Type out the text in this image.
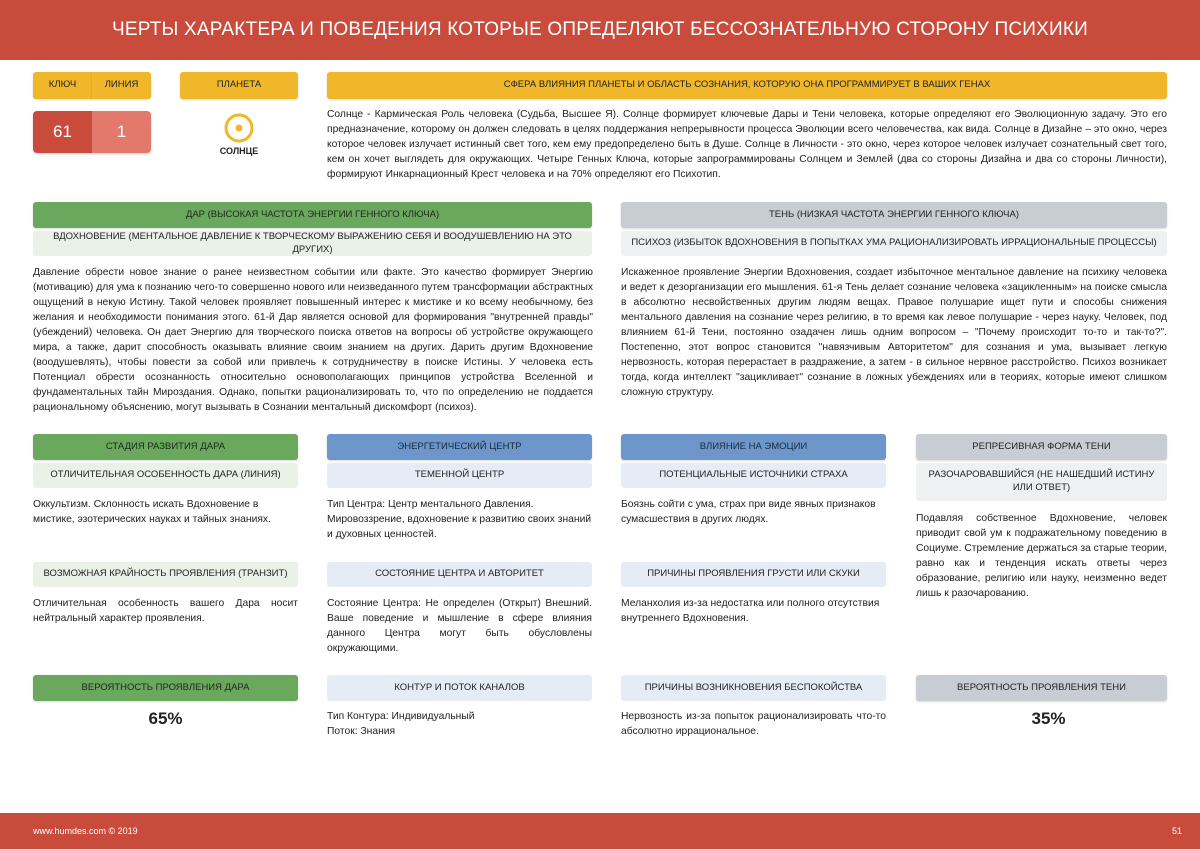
ЧЕРТЫ ХАРАКТЕРА И ПОВЕДЕНИЯ КОТОРЫЕ ОПРЕДЕЛЯЮТ БЕССОЗНАТЕЛЬНУЮ СТОРОНУ ПСИХИКИ
КЛЮЧ	ЛИНИЯ
61	1
ПЛАНЕТА
СОЛНЦЕ
СФЕРА ВЛИЯНИЯ ПЛАНЕТЫ И ОБЛАСТЬ СОЗНАНИЯ, КОТОРУЮ ОНА ПРОГРАММИРУЕТ В ВАШИХ ГЕНАХ
Солнце - Кармическая Роль человека (Судьба, Высшее Я). Солнце формирует ключевые Дары и Тени человека, которые определяют его Эволюционную задачу. Это его предназначение, которому он должен следовать в целях поддержания непрерывности процесса Эволюции всего человечества, как вида. Солнце в Дизайне – это окно, через которое человек излучает истинный свет того, кем ему предопределено быть в Душе. Солнце в Личности - это окно, через которое человек излучает сознательный свет того, кем он хочет выглядеть для окружающих. Четыре Генных Ключа, которые запрограммированы Солнцем и Землей (два со стороны Дизайна и два со стороны Личности), формируют Инкарнационный Крест человека и на 70% определяют его Психотип.
ДАР (ВЫСОКАЯ ЧАСТОТА ЭНЕРГИИ ГЕННОГО КЛЮЧА)
ВДОХНОВЕНИЕ (МЕНТАЛЬНОЕ ДАВЛЕНИЕ К ТВОРЧЕСКОМУ ВЫРАЖЕНИЮ СЕБЯ И ВООДУШЕВЛЕНИЮ НА ЭТО ДРУГИХ)
Давление обрести новое знание о ранее неизвестном событии или факте. Это качество формирует Энергию (мотивацию) для ума к познанию чего-то совершенно нового или неизведанного путем трансформации абстрактных ощущений в некую Истину. Такой человек проявляет повышенный интерес к мистике и ко всему необычному, без желания и необходимости понимания этого. 61-й Дар является основой для формирования "внутренней правды" (убеждений) человека. Он дает Энергию для творческого поиска ответов на вопросы об устройстве окружающего мира, а также, дарит способность оказывать влияние своим знанием на других. Дарить другим Вдохновение (воодушевлять), чтобы повести за собой или привлечь к сотрудничеству в поиске Истины. У человека есть Потенциал обрести осознанность относительно основополагающих принципов устройства Вселенной и фундаментальных тайн Мироздания. Однако, попытки рационализировать то, что по определению не поддается рациональному объяснению, могут вызывать в Сознании ментальный дискомфорт (психоз).
ТЕНЬ (НИЗКАЯ ЧАСТОТА ЭНЕРГИИ ГЕННОГО КЛЮЧА)
ПСИХОЗ (ИЗБЫТОК ВДОХНОВЕНИЯ В ПОПЫТКАХ УМА РАЦИОНАЛИЗИРОВАТЬ ИРРАЦИОНАЛЬНЫЕ ПРОЦЕССЫ)
Искаженное проявление Энергии Вдохновения, создает избыточное ментальное давление на психику человека и ведет к дезорганизации его мышления. 61-я Тень делает сознание человека «зацикленным» на поиске смысла в абсолютно несвойственных другим людям вещах. Правое полушарие ищет пути и способы снижения ментального давления на сознание через религию, в то время как левое полушарие - через науку. Человек, под влиянием 61-й Тени, постоянно озадачен лишь одним вопросом – "Почему происходит то-то и так-то?". Постепенно, этот вопрос становится "навязчивым Авторитетом" для сознания и ума, вызывает легкую нервозность, которая перерастает в раздражение, а затем - в сильное нервное расстройство. Психоз возникает тогда, когда интеллект "зацикливает" сознание в ложных убеждениях или в теориях, которые имеют слишком сложную структуру.
СТАДИЯ РАЗВИТИЯ ДАРА
ОТЛИЧИТЕЛЬНАЯ ОСОБЕННОСТЬ ДАРА (ЛИНИЯ)
Оккультизм. Склонность искать Вдохновение в мистике, эзотерических науках и тайных знаниях.
ВОЗМОЖНАЯ КРАЙНОСТЬ ПРОЯВЛЕНИЯ (ТРАНЗИТ)
Отличительная особенность вашего Дара носит нейтральный характер проявления.
ВЕРОЯТНОСТЬ ПРОЯВЛЕНИЯ ДАРА
65%
ЭНЕРГЕТИЧЕСКИЙ ЦЕНТР
ТЕМЕННОЙ ЦЕНТР
Тип Центра: Центр ментального Давления. Мировоззрение, вдохновение к развитию своих знаний и духовных ценностей.
СОСТОЯНИЕ ЦЕНТРА И АВТОРИТЕТ
Состояние Центра: Не определен (Открыт) Внешний. Ваше поведение и мышление в сфере влияния данного Центра могут быть обусловлены окружающими.
КОНТУР И ПОТОК КАНАЛОВ
Тип Контура: Индивидуальный Поток: Знания
ВЛИЯНИЕ НА ЭМОЦИИ
ПОТЕНЦИАЛЬНЫЕ ИСТОЧНИКИ СТРАХА
Боязнь сойти с ума, страх при виде явных признаков сумасшествия в других людях.
ПРИЧИНЫ ПРОЯВЛЕНИЯ ГРУСТИ ИЛИ СКУКИ
Меланхолия из-за недостатка или полного отсутствия внутреннего Вдохновения.
ПРИЧИНЫ ВОЗНИКНОВЕНИЯ БЕСПОКОЙСТВА
Нервозность из-за попыток рационализировать что-то абсолютно иррациональное.
РЕПРЕСИВНАЯ ФОРМА ТЕНИ
РАЗОЧАРОВАВШИЙСЯ (НЕ НАШЕДШИЙ ИСТИНУ ИЛИ ОТВЕТ)
Подавляя собственное Вдохновение, человек приводит свой ум к подражательному поведению в Социуме. Стремление держаться за старые теории, равно как и тенденция искать ответы через образование, религию или науку, неизменно ведет лишь к разочарованию.
ВЕРОЯТНОСТЬ ПРОЯВЛЕНИЯ ТЕНИ
35%
www.humdes.com © 2019	51
